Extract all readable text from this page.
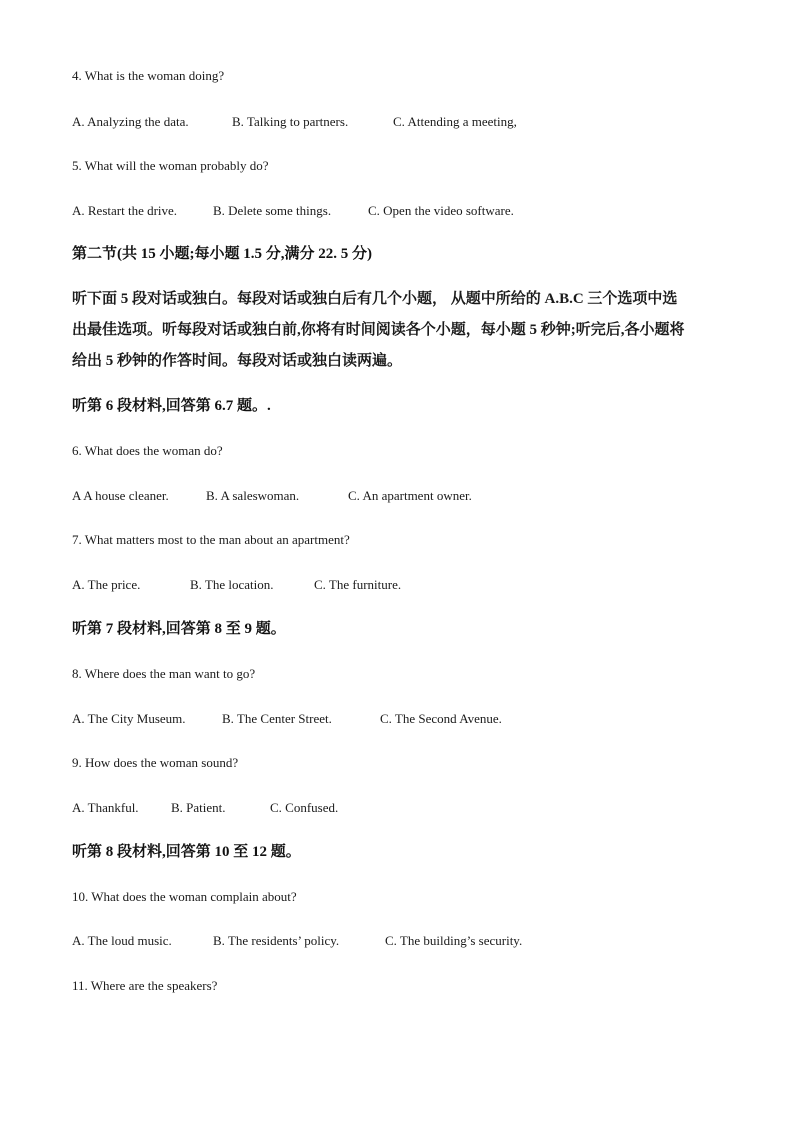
4. What is the woman doing?
A. Analyzing the data.	B. Talking to partners.	C. Attending a meeting,
5. What will the woman probably do?
A. Restart the drive.	B. Delete some things.	C. Open the video software.
第二节(共 15 小题;每小题 1.5 分,满分 22. 5 分)
听下面 5 段对话或独白。每段对话或独白后有几个小题， 从题中所给的 A.B.C 三个选项中选
出最佳选项。听每段对话或独白前,你将有时间阅读各个小题，每小题 5 秒钟;听完后,各小题将
给出 5 秒钟的作答时间。每段对话或独白读两遍。
听第 6 段材料,回答第 6.7 题。.
6. What does the woman do?
A A house cleaner.	B. A saleswoman.	C. An apartment owner.
7. What matters most to the man about an apartment?
A. The price.	B. The location.	C. The furniture.
听第 7 段材料,回答第 8 至 9 题。
8. Where does the man want to go?
A. The City Museum.	B. The Center Street.	C. The Second Avenue.
9. How does the woman sound?
A. Thankful.	B. Patient.	C. Confused.
听第 8 段材料,回答第 10 至 12 题。
10. What does the woman complain about?
A. The loud music.	B. The residents’ policy.	C. The building’s security.
11. Where are the speakers?
